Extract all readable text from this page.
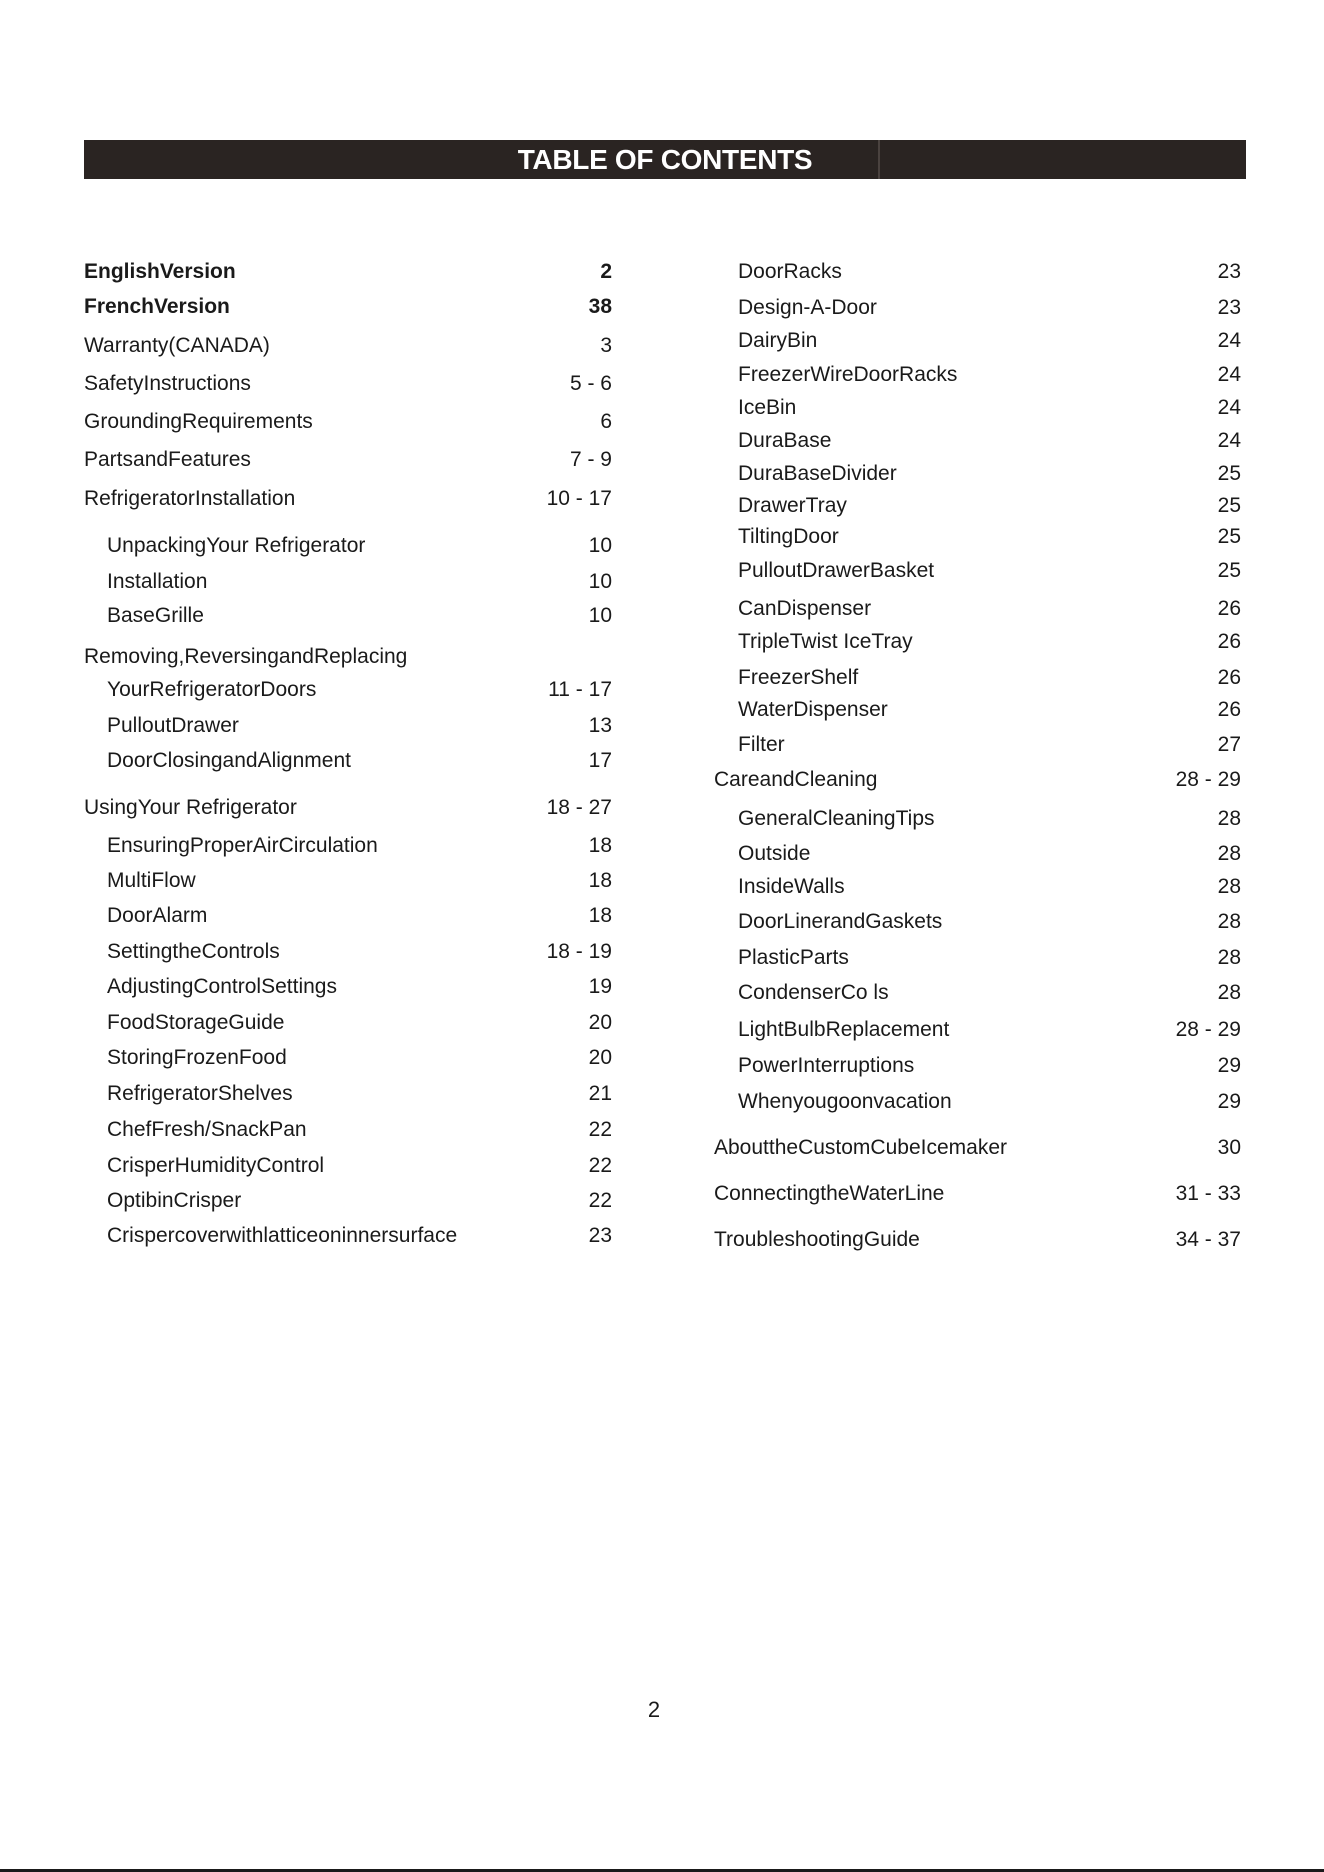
TABLE OF CONTENTS
EnglishVersion	2
FrenchVersion	38
Warranty(CANADA)	3
SafetyInstructions	5 - 6
GroundingRequirements	6
PartsandFeatures	7 - 9
RefrigeratorInstallation	10 - 17
UnpackingYour Refrigerator	10
Installation	10
BaseGrille	10
Removing,ReversingandReplacing
YourRefrigeratorDoors	11 - 17
PulloutDrawer	13
DoorClosingandAlignment	17
UsingYour Refrigerator	18 - 27
EnsuringProperAirCirculation	18
MultiFlow	18
DoorAlarm	18
SettingtheControls	18 - 19
AdjustingControlSettings	19
FoodStorageGuide	20
StoringFrozenFood	20
RefrigeratorShelves	21
ChefFresh/SnackPan	22
CrisperHumidityControl	22
OptibinCrisper	22
Crispercoverwithlatticeoninnersurface	23
DoorRacks	23
Design-A-Door	23
DairyBin	24
FreezerWireDoorRacks	24
IceBin	24
DuraBase	24
DuraBaseDivider	25
DrawerTray	25
TiltingDoor	25
PulloutDrawerBasket	25
CanDispenser	26
TripleTwist IceTray	26
FreezerShelf	26
WaterDispenser	26
Filter	27
CareandCleaning	28 - 29
GeneralCleaningTips	28
Outside	28
InsideWalls	28
DoorLinerandGaskets	28
PlasticParts	28
CondenserCo ls	28
LightBulbReplacement	28 - 29
PowerInterruptions	29
Whenyougoonvacation	29
AbouttheCustomCubeIcemaker	30
ConnectingtheWaterLine	31 - 33
TroubleshootingGuide	34 - 37
2
